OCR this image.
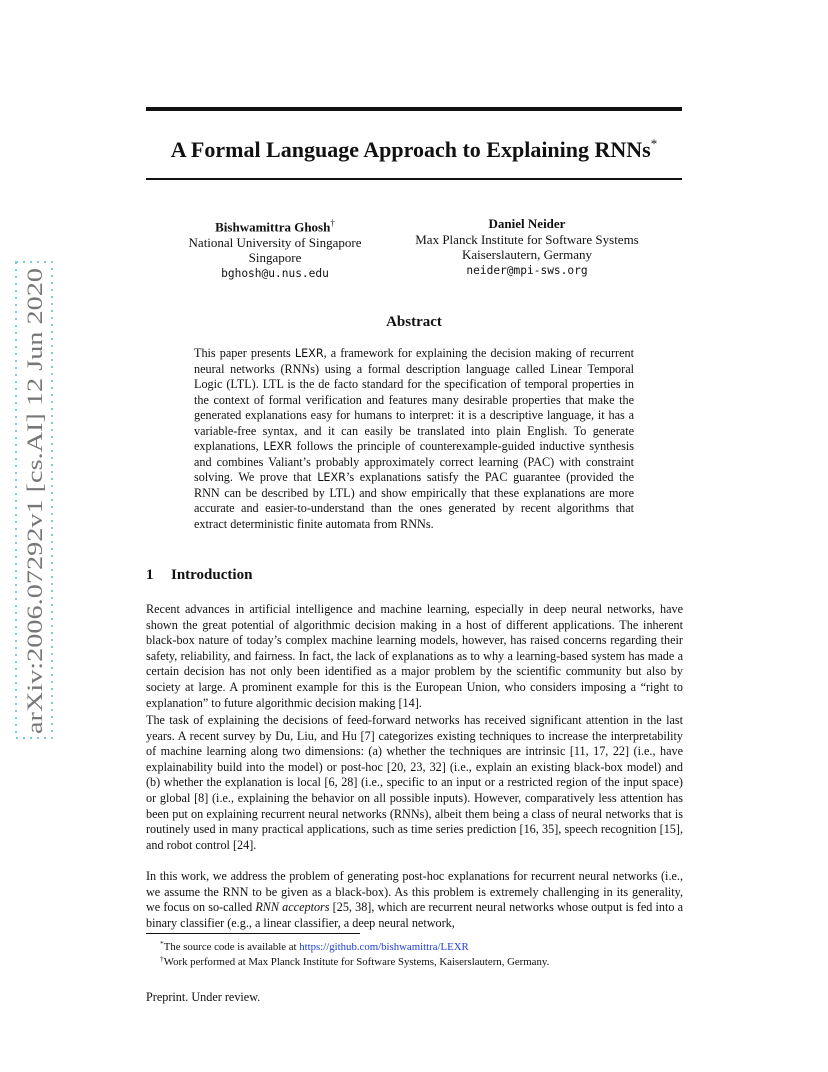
arXiv:2006.07292v1 [cs.AI] 12 Jun 2020
A Formal Language Approach to Explaining RNNs*
Bishwamittra Ghosh†
National University of Singapore
Singapore
bghosh@u.nus.edu
Daniel Neider
Max Planck Institute for Software Systems
Kaiserslautern, Germany
neider@mpi-sws.org
Abstract

This paper presents LEXR, a framework for explaining the decision making of recurrent neural networks (RNNs) using a formal description language called Linear Temporal Logic (LTL). LTL is the de facto standard for the specification of temporal properties in the context of formal verification and features many desirable properties that make the generated explanations easy for humans to interpret: it is a descriptive language, it has a variable-free syntax, and it can easily be translated into plain English. To generate explanations, LEXR follows the principle of counterexample-guided inductive synthesis and combines Valiant’s probably approximately correct learning (PAC) with constraint solving. We prove that LEXR’s explanations satisfy the PAC guarantee (provided the RNN can be described by LTL) and show empirically that these explanations are more accurate and easier-to-understand than the ones generated by recent algorithms that extract deterministic finite automata from RNNs.

1 Introduction

Recent advances in artificial intelligence and machine learning, especially in deep neural networks, have shown the great potential of algorithmic decision making in a host of different applications. The inherent black-box nature of today’s complex machine learning models, however, has raised concerns regarding their safety, reliability, and fairness. In fact, the lack of explanations as to why a learning-based system has made a certain decision has not only been identified as a major problem by the scientific community but also by society at large. A prominent example for this is the European Union, who considers imposing a “right to explanation” to future algorithmic decision making [14].

The task of explaining the decisions of feed-forward networks has received significant attention in the last years. A recent survey by Du, Liu, and Hu [7] categorizes existing techniques to increase the interpretability of machine learning along two dimensions: (a) whether the techniques are intrinsic [11, 17, 22] (i.e., have explainability build into the model) or post-hoc [20, 23, 32] (i.e., explain an existing black-box model) and (b) whether the explanation is local [6, 28] (i.e., specific to an input or a restricted region of the input space) or global [8] (i.e., explaining the behavior on all possible inputs). However, comparatively less attention has been put on explaining recurrent neural networks (RNNs), albeit them being a class of neural networks that is routinely used in many practical applications, such as time series prediction [16, 35], speech recognition [15], and robot control [24].

In this work, we address the problem of generating post-hoc explanations for recurrent neural networks (i.e., we assume the RNN to be given as a black-box). As this problem is extremely challenging in its generality, we focus on so-called RNN acceptors [25, 38], which are recurrent neural networks whose output is fed into a binary classifier (e.g., a linear classifier, a deep neural network,

*The source code is available at https://github.com/bishwamittra/LEXR

†Work performed at Max Planck Institute for Software Systems, Kaiserslautern, Germany.

Preprint. Under review.
